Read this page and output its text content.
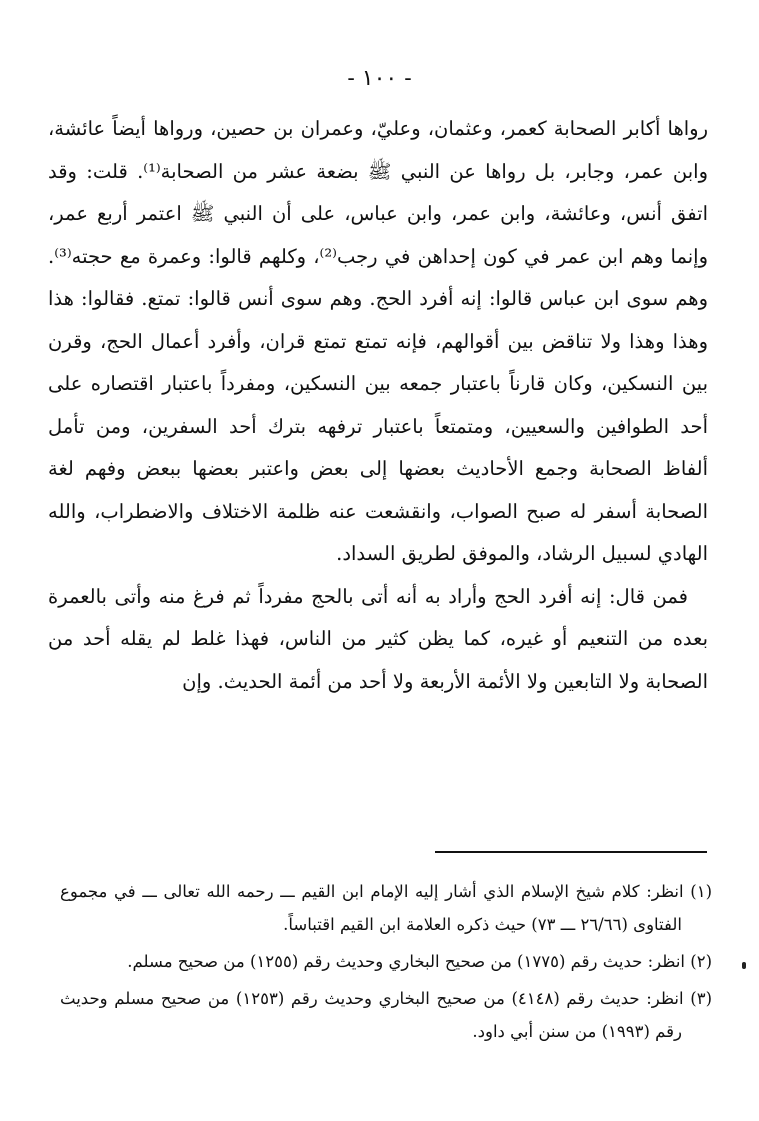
- ١٠٠ -

رواها أكابر الصحابة كعمر، وعثمان، وعليّ، وعمران بن حصين، ورواها أيضاً عائشة، وابن عمر، وجابر، بل رواها عن النبي ﷺ بضعة عشر من الصحابة⁽¹⁾. قلت: وقد اتفق أنس، وعائشة، وابن عمر، وابن عباس، على أن النبي ﷺ اعتمر أربع عمر، وإنما وهم ابن عمر في كون إحداهن في رجب⁽²⁾، وكلهم قالوا: وعمرة مع حجته⁽³⁾. وهم سوى ابن عباس قالوا: إنه أفرد الحج. وهم سوى أنس قالوا: تمتع. فقالوا: هذا وهذا وهذا ولا تناقض بين أقوالهم، فإنه تمتع تمتع قران، وأفرد أعمال الحج، وقرن بين النسكين، وكان قارناً باعتبار جمعه بين النسكين، ومفرداً باعتبار اقتصاره على أحد الطوافين والسعيين، ومتمتعاً باعتبار ترفهه بترك أحد السفرين، ومن تأمل ألفاظ الصحابة وجمع الأحاديث بعضها إلى بعض واعتبر بعضها ببعض وفهم لغة الصحابة أسفر له صبح الصواب، وانقشعت عنه ظلمة الاختلاف والاضطراب، والله الهادي لسبيل الرشاد، والموفق لطريق السداد.

فمن قال: إنه أفرد الحج وأراد به أنه أتى بالحج مفرداً ثم فرغ منه وأتى بالعمرة بعده من التنعيم أو غيره، كما يظن كثير من الناس، فهذا غلط لم يقله أحد من الصحابة ولا التابعين ولا الأئمة الأربعة ولا أحد من أئمة الحديث. وإن

(١) انظر: كلام شيخ الإسلام الذي أشار إليه الإمام ابن القيم ـــ رحمه الله تعالى ـــ في مجموع الفتاوى (٢٦/٦٦ ـــ ٧٣) حيث ذكره العلامة ابن القيم اقتباساً.

(٢) انظر: حديث رقم (١٧٧٥) من صحيح البخاري وحديث رقم (١٢٥٥) من صحيح مسلم.

(٣) انظر: حديث رقم (٤١٤٨) من صحيح البخاري وحديث رقم (١٢٥٣) من صحيح مسلم وحديث رقم (١٩٩٣) من سنن أبي داود.
